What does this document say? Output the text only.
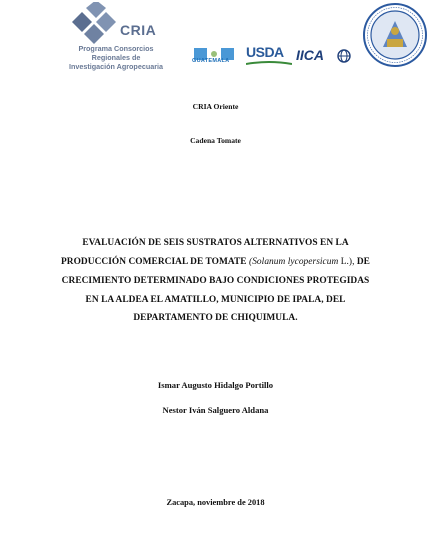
CRIA
Programa Consorcios
Regionales de
Investigación Agropecuaria
GUATEMALA
USDA IICA
CRIA Oriente
Cadena Tomate
EVALUACIÓN DE SEIS SUSTRATOS ALTERNATIVOS EN LA
PRODUCCIÓN COMERCIAL DE TOMATE (Solanum lycopersicum L.), DE
CRECIMIENTO DETERMINADO BAJO CONDICIONES PROTEGIDAS
EN LA ALDEA EL AMATILLO, MUNICIPIO DE IPALA, DEL
DEPARTAMENTO DE CHIQUIMULA.
Ismar Augusto Hidalgo Portillo
Nestor Iván Salguero Aldana
Zacapa, noviembre de 2018
